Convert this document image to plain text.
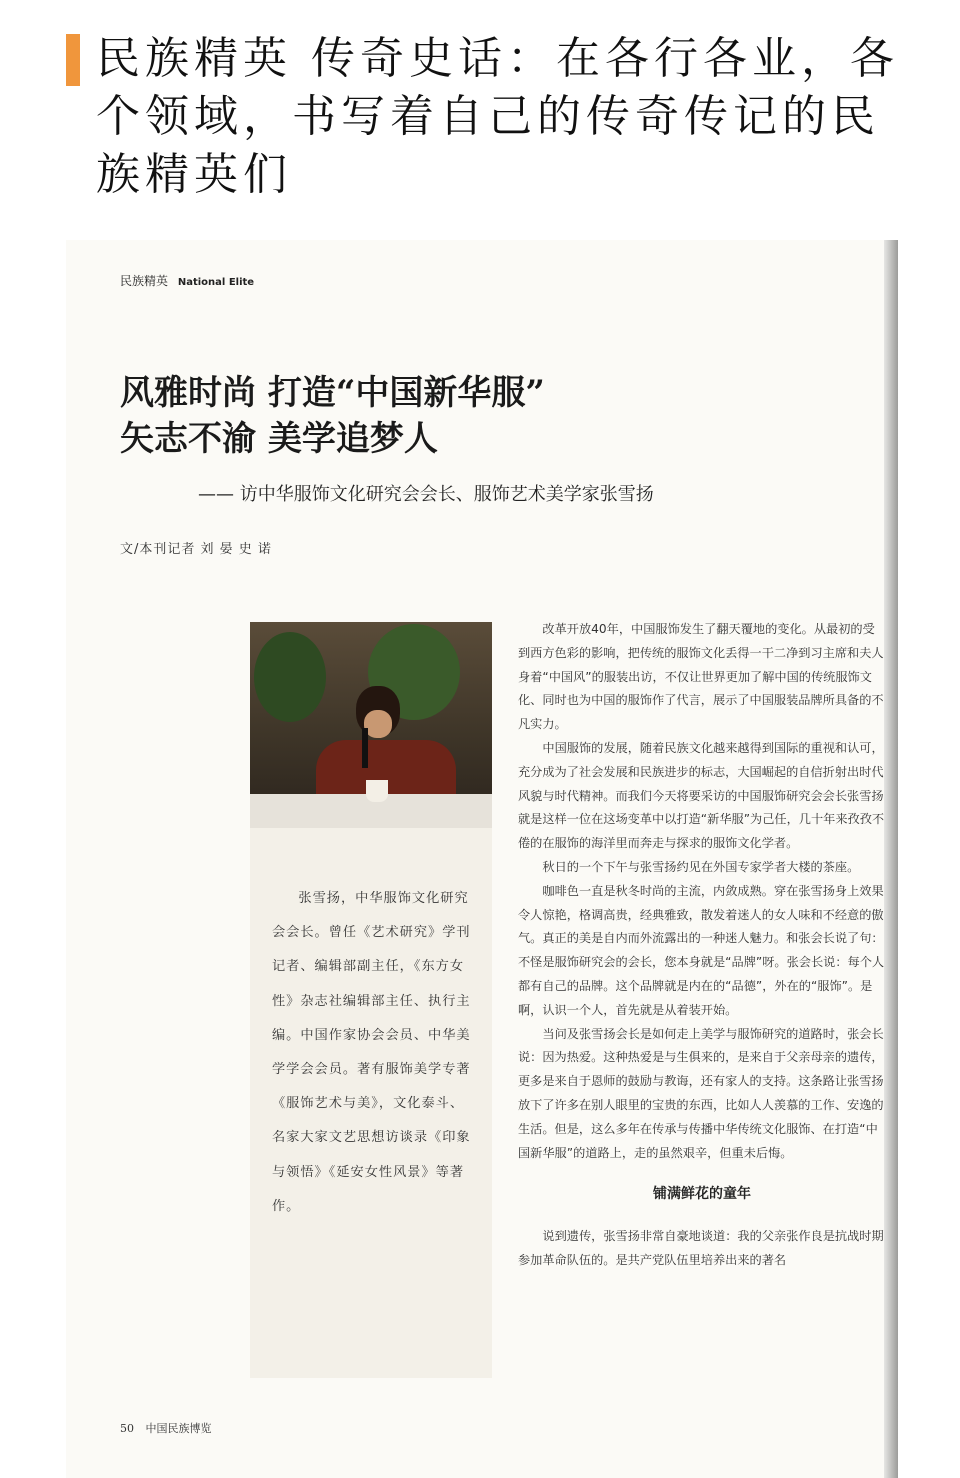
民族精英 传奇史话：在各行各业，各个领域，书写着自己的传奇传记的民族精英们
民族精英 National Elite
风雅时尚 打造“中国新华服”
矢志不渝 美学追梦人
—— 访中华服饰文化研究会会长、服饰艺术美学家张雪扬
文/本刊记者 刘 晏 史 诺

张雪扬，中华服饰文化研究会会长。曾任《艺术研究》学刊记者、编辑部副主任，《东方女性》杂志社编辑部主任、执行主编。中国作家协会会员、中华美学学会会员。著有服饰美学专著《服饰艺术与美》，文化泰斗、名家大家文艺思想访谈录《印象与领悟》《延安女性风景》等著作。

改革开放40年，中国服饰发生了翻天覆地的变化。从最初的受到西方色彩的影响，把传统的服饰文化丢得一干二净到习主席和夫人身着“中国风”的服装出访，不仅让世界更加了解中国的传统服饰文化、同时也为中国的服饰作了代言，展示了中国服装品牌所具备的不凡实力。

中国服饰的发展，随着民族文化越来越得到国际的重视和认可，充分成为了社会发展和民族进步的标志，大国崛起的自信折射出时代风貌与时代精神。而我们今天将要采访的中国服饰研究会会长张雪扬就是这样一位在这场变革中以打造“新华服”为己任，几十年来孜孜不倦的在服饰的海洋里而奔走与探求的服饰文化学者。

秋日的一个下午与张雪扬约见在外国专家学者大楼的茶座。

咖啡色一直是秋冬时尚的主流，内敛成熟。穿在张雪扬身上效果令人惊艳，格调高贵，经典雅致，散发着迷人的女人味和不经意的傲气。真正的美是自内而外流露出的一种迷人魅力。和张会长说了句：不怪是服饰研究会的会长，您本身就是“品牌”呀。张会长说：每个人都有自己的品牌。这个品牌就是内在的“品德”，外在的“服饰”。是啊，认识一个人，首先就是从着装开始。

当问及张雪扬会长是如何走上美学与服饰研究的道路时，张会长说：因为热爱。这种热爱是与生俱来的，是来自于父亲母亲的遗传，更多是来自于恩师的鼓励与教诲，还有家人的支持。这条路让张雪扬放下了许多在别人眼里的宝贵的东西，比如人人羡慕的工作、安逸的生活。但是，这么多年在传承与传播中华传统文化服饰、在打造“中国新华服”的道路上，走的虽然艰辛，但重未后悔。

铺满鲜花的童年

说到遗传，张雪扬非常自豪地谈道：我的父亲张作良是抗战时期参加革命队伍的。是共产党队伍里培养出来的著名

50 中国民族博览
